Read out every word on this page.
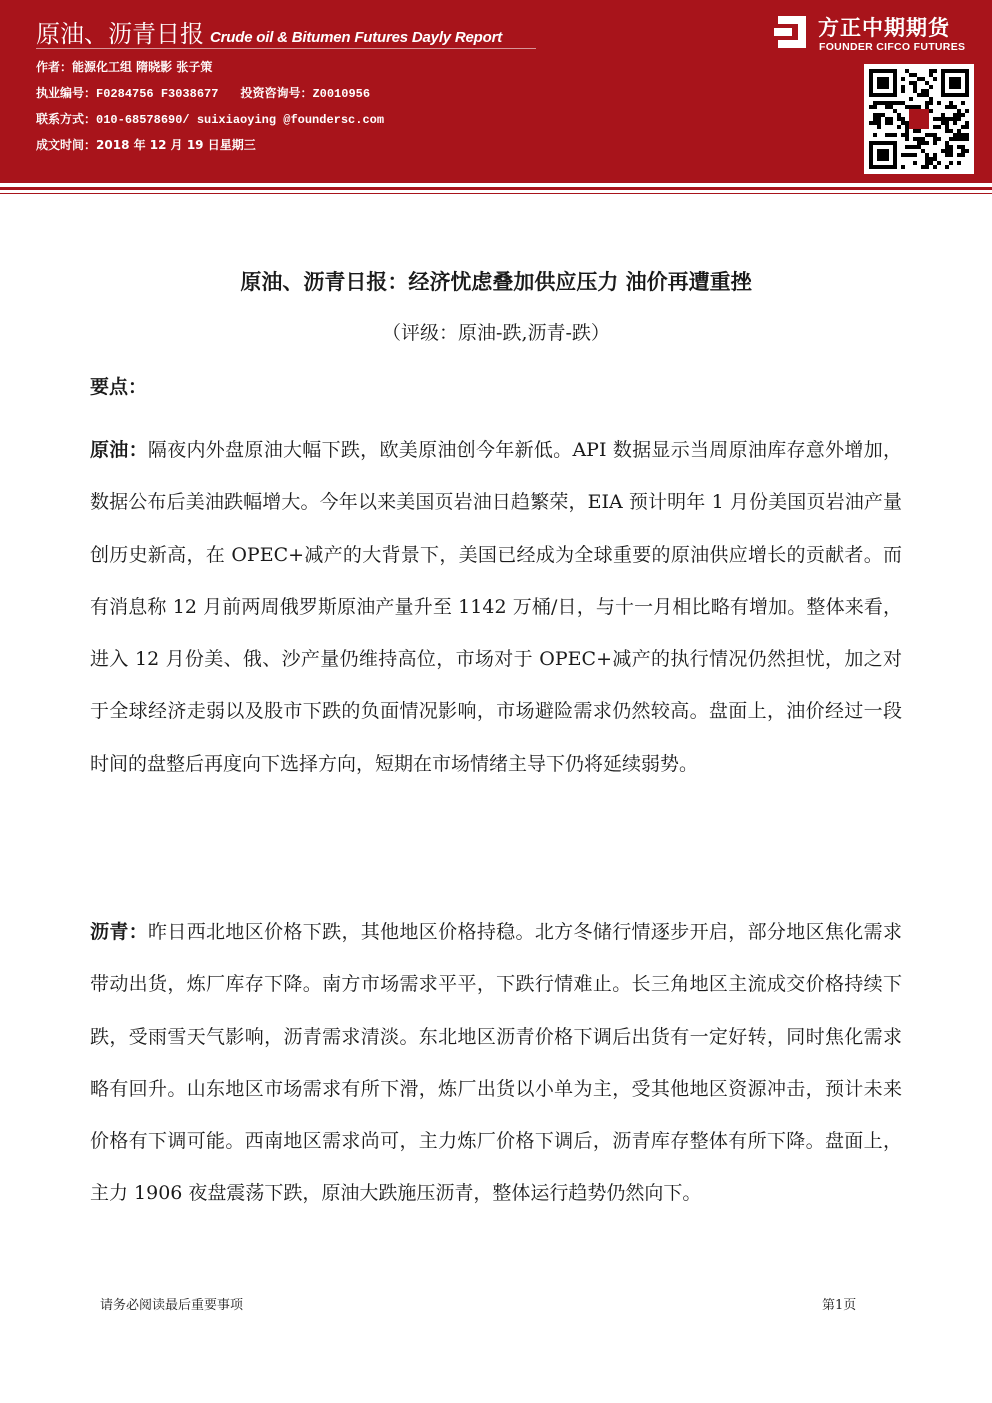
原油、沥青日报 Crude oil & Bitumen Futures Dayly Report
作者：能源化工组 隋晓影 张子策
执业编号：F0284756 F3038677 投资咨询号：Z0010956
联系方式：010-68578690/ suixiaoying @foundersc.com
成文时间：2018 年 12 月 19 日星期三
方正中期期货
FOUNDER CIFCO FUTURES
原油、沥青日报：经济忧虑叠加供应压力 油价再遭重挫
（评级：原油-跌,沥青-跌）
要点：
原油：隔夜内外盘原油大幅下跌，欧美原油创今年新低。API 数据显示当周原油库存意外增加，数据公布后美油跌幅增大。今年以来美国页岩油日趋繁荣，EIA 预计明年 1 月份美国页岩油产量创历史新高，在 OPEC+减产的大背景下，美国已经成为全球重要的原油供应增长的贡献者。而有消息称 12 月前两周俄罗斯原油产量升至 1142 万桶/日，与十一月相比略有增加。整体来看，进入 12 月份美、俄、沙产量仍维持高位，市场对于 OPEC+减产的执行情况仍然担忧，加之对于全球经济走弱以及股市下跌的负面情况影响，市场避险需求仍然较高。盘面上，油价经过一段时间的盘整后再度向下选择方向，短期在市场情绪主导下仍将延续弱势。
沥青：昨日西北地区价格下跌，其他地区价格持稳。北方冬储行情逐步开启，部分地区焦化需求带动出货，炼厂库存下降。南方市场需求平平，下跌行情难止。长三角地区主流成交价格持续下跌，受雨雪天气影响，沥青需求清淡。东北地区沥青价格下调后出货有一定好转，同时焦化需求略有回升。山东地区市场需求有所下滑，炼厂出货以小单为主，受其他地区资源冲击，预计未来价格有下调可能。西南地区需求尚可，主力炼厂价格下调后，沥青库存整体有所下降。盘面上，主力 1906 夜盘震荡下跌，原油大跌施压沥青，整体运行趋势仍然向下。
请务必阅读最后重要事项	第1页
